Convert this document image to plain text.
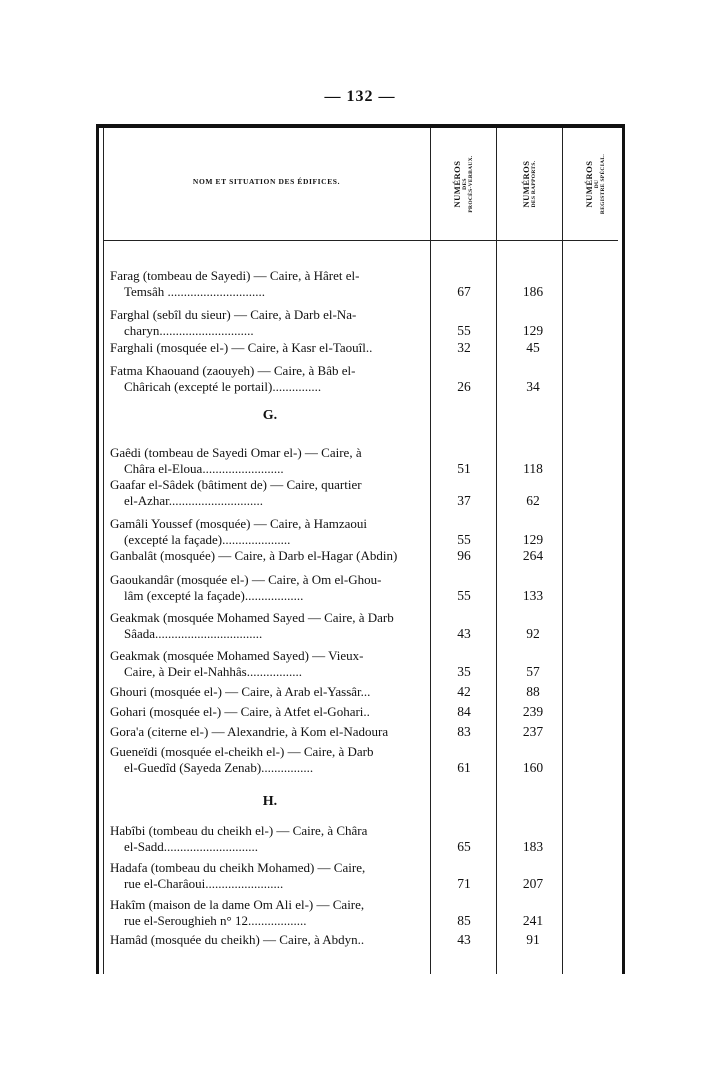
— 132 —
NOM ET SITUATION DES ÉDIFICES.	NUMÉROS DES PROCÈS-VERBAUX.	NUMÉROS DES RAPPORTS.	NUMÉROS DU REGISTRE SPÉCIAL.
Farag (tombeau de Sayedi) — Caire, à Hâret el-
Temsâh ..............................	67	186
Farghal (sebîl du sieur) — Caire, à Darb el-Na-
charyn.............................	55	129
Farghali (mosquée el-) — Caire, à Kasr el-Taouîl..	32	45
Fatma Khaouand (zaouyeh) — Caire, à Bâb el-
Châricah (excepté le portail)...............	26	34
Gaêdi (tombeau de Sayedi Omar el-) — Caire, à
Châra el-Eloua.........................	51	118
Gaafar el-Sâdek (bâtiment de) — Caire, quartier
el-Azhar.............................	37	62
Gamâli Youssef (mosquée) — Caire, à Hamzaoui
(excepté la façade).....................	55	129
Ganbalât (mosquée) — Caire, à Darb el-Hagar (Abdin)	96	264
Gaoukandâr (mosquée el-) — Caire, à Om el-Ghou-
lâm (excepté la façade)..................	55	133
Geakmak (mosquée Mohamed Sayed — Caire, à Darb
Sâada.................................	43	92
Geakmak (mosquée Mohamed Sayed) — Vieux-
Caire, à Deir el-Nahhâs.................	35	57
Ghouri (mosquée el-) — Caire, à Arab el-Yassâr...	42	88
Gohari (mosquée el-) — Caire, à Atfet el-Gohari..	84	239
Gora'a (citerne el-) — Alexandrie, à Kom el-Nadoura	83	237
Gueneïdi (mosquée el-cheikh el-) — Caire, à Darb
el-Guedîd (Sayeda Zenab)................	61	160
Habîbi (tombeau du cheikh el-) — Caire, à Châra
el-Sadd.............................	65	183
Hadafa (tombeau du cheikh Mohamed) — Caire,
rue el-Charâoui........................	71	207
Hakîm (maison de la dame Om Ali el-) — Caire,
rue el-Seroughieh n° 12..................	85	241
Hamâd (mosquée du cheikh) — Caire, à Abdyn..	43	91
G.
H.
